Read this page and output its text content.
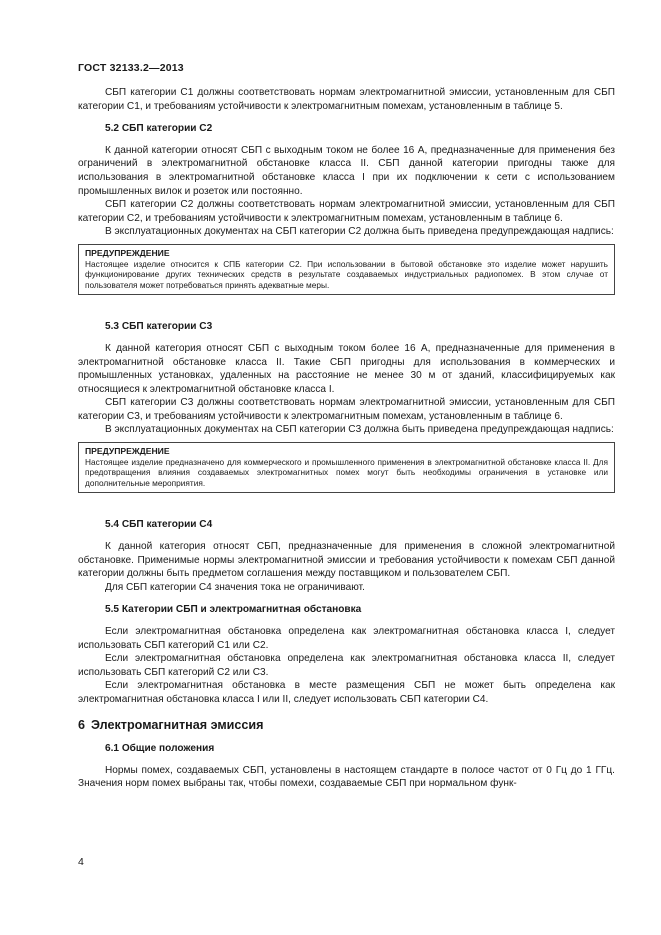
ГОСТ 32133.2—2013

СБП категории С1 должны соответствовать нормам электромагнитной эмиссии, установленным для СБП категории С1, и требованиям устойчивости к электромагнитным помехам, установленным в таблице 5.

5.2 СБП категории С2

К данной категории относят СБП с выходным током не более 16 А, предназначенные для применения без ограничений в электромагнитной обстановке класса II. СБП данной категории пригодны также для использования в электромагнитной обстановке класса I при их подключении к сети с использованием промышленных вилок и розеток или постоянно.

СБП категории С2 должны соответствовать нормам электромагнитной эмиссии, установленным для СБП категории С2, и требованиям устойчивости к электромагнитным помехам, установленным в таблице 6.

В эксплуатационных документах на СБП категории С2 должна быть приведена предупреждающая надпись:

ПРЕДУПРЕЖДЕНИЕ
Настоящее изделие относится к СПБ категории С2. При использовании в бытовой обстановке это изделие может нарушить функционирование других технических средств в результате создаваемых индустриальных радиопомех. В этом случае от пользователя может потребоваться принять адекватные меры.
5.3 СБП категории С3

К данной категория относят СБП с выходным током более 16 А, предназначенные для применения в электромагнитной обстановке класса II. Такие СБП пригодны для использования в коммерческих и промышленных установках, удаленных на расстояние не менее 30 м от зданий, классифицируемых как относящиеся к электромагнитной обстановке класса I.

СБП категории С3 должны соответствовать нормам электромагнитной эмиссии, установленным для СБП категории С3, и требованиям устойчивости к электромагнитным помехам, установленным в таблице 6.

В эксплуатационных документах на СБП категории С3 должна быть приведена предупреждающая надпись:

ПРЕДУПРЕЖДЕНИЕ
Настоящее изделие предназначено для коммерческого и промышленного применения в электромагнитной обстановке класса II. Для предотвращения влияния создаваемых электромагнитных помех могут быть необходимы ограничения в установке или дополнительные мероприятия.
5.4 СБП категории С4

К данной категория относят СБП, предназначенные для применения в сложной электромагнитной обстановке. Применимые нормы электромагнитной эмиссии и требования устойчивости к помехам СБП данной категории должны быть предметом соглашения между поставщиком и пользователем СБП.

Для СБП категории С4 значения тока не ограничивают.

5.5 Категории СБП и электромагнитная обстановка

Если электромагнитная обстановка определена как электромагнитная обстановка класса I, следует использовать СБП категорий С1 или С2.

Если электромагнитная обстановка определена как электромагнитная обстановка класса II, следует использовать СБП категорий С2 или С3.

Если электромагнитная обстановка в месте размещения СБП не может быть определена как электромагнитная обстановка класса I или II, следует использовать СБП категории С4.

6 Электромагнитная эмиссия
6.1 Общие положения

Нормы помех, создаваемых СБП, установлены в настоящем стандарте в полосе частот от 0 Гц до 1 ГГц. Значения норм помех выбраны так, чтобы помехи, создаваемые СБП при нормальном функ-

4
